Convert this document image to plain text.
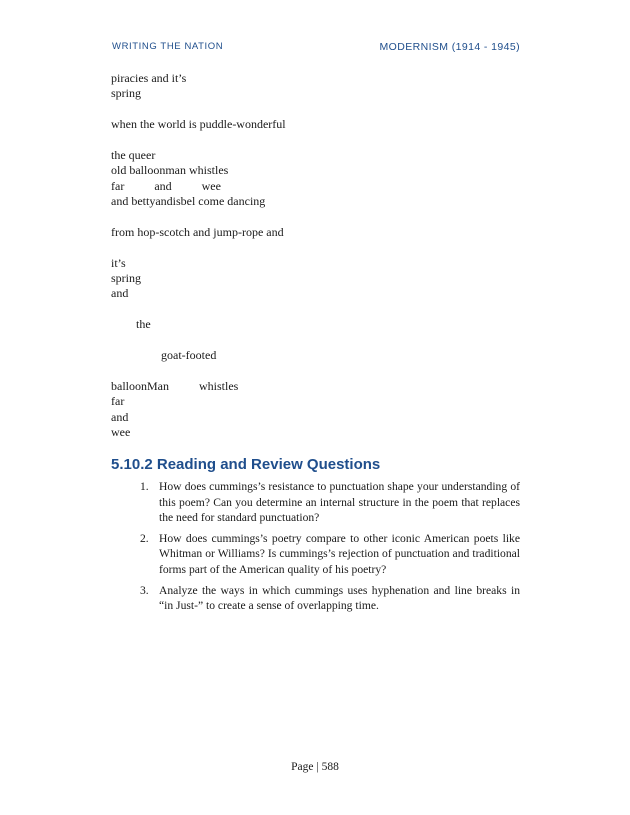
WRITING THE NATION	MODERNISM (1914 - 1945)
piracies and it’s
spring
when the world is puddle-wonderful
the queer
old balloonman whistles
far          and          wee
and bettyandisbel come dancing
from hop-scotch and jump-rope and
it’s
spring
and
the
goat-footed
balloonMan          whistles
far
and
wee
5.10.2 Reading and Review Questions
1. How does cummings’s resistance to punctuation shape your understanding of this poem? Can you determine an internal structure in the poem that replaces the need for standard punctuation?
2. How does cummings’s poetry compare to other iconic American poets like Whitman or Williams? Is cummings’s rejection of punctuation and traditional forms part of the American quality of his poetry?
3. Analyze the ways in which cummings uses hyphenation and line breaks in “in Just-” to create a sense of overlapping time.
Page | 588
